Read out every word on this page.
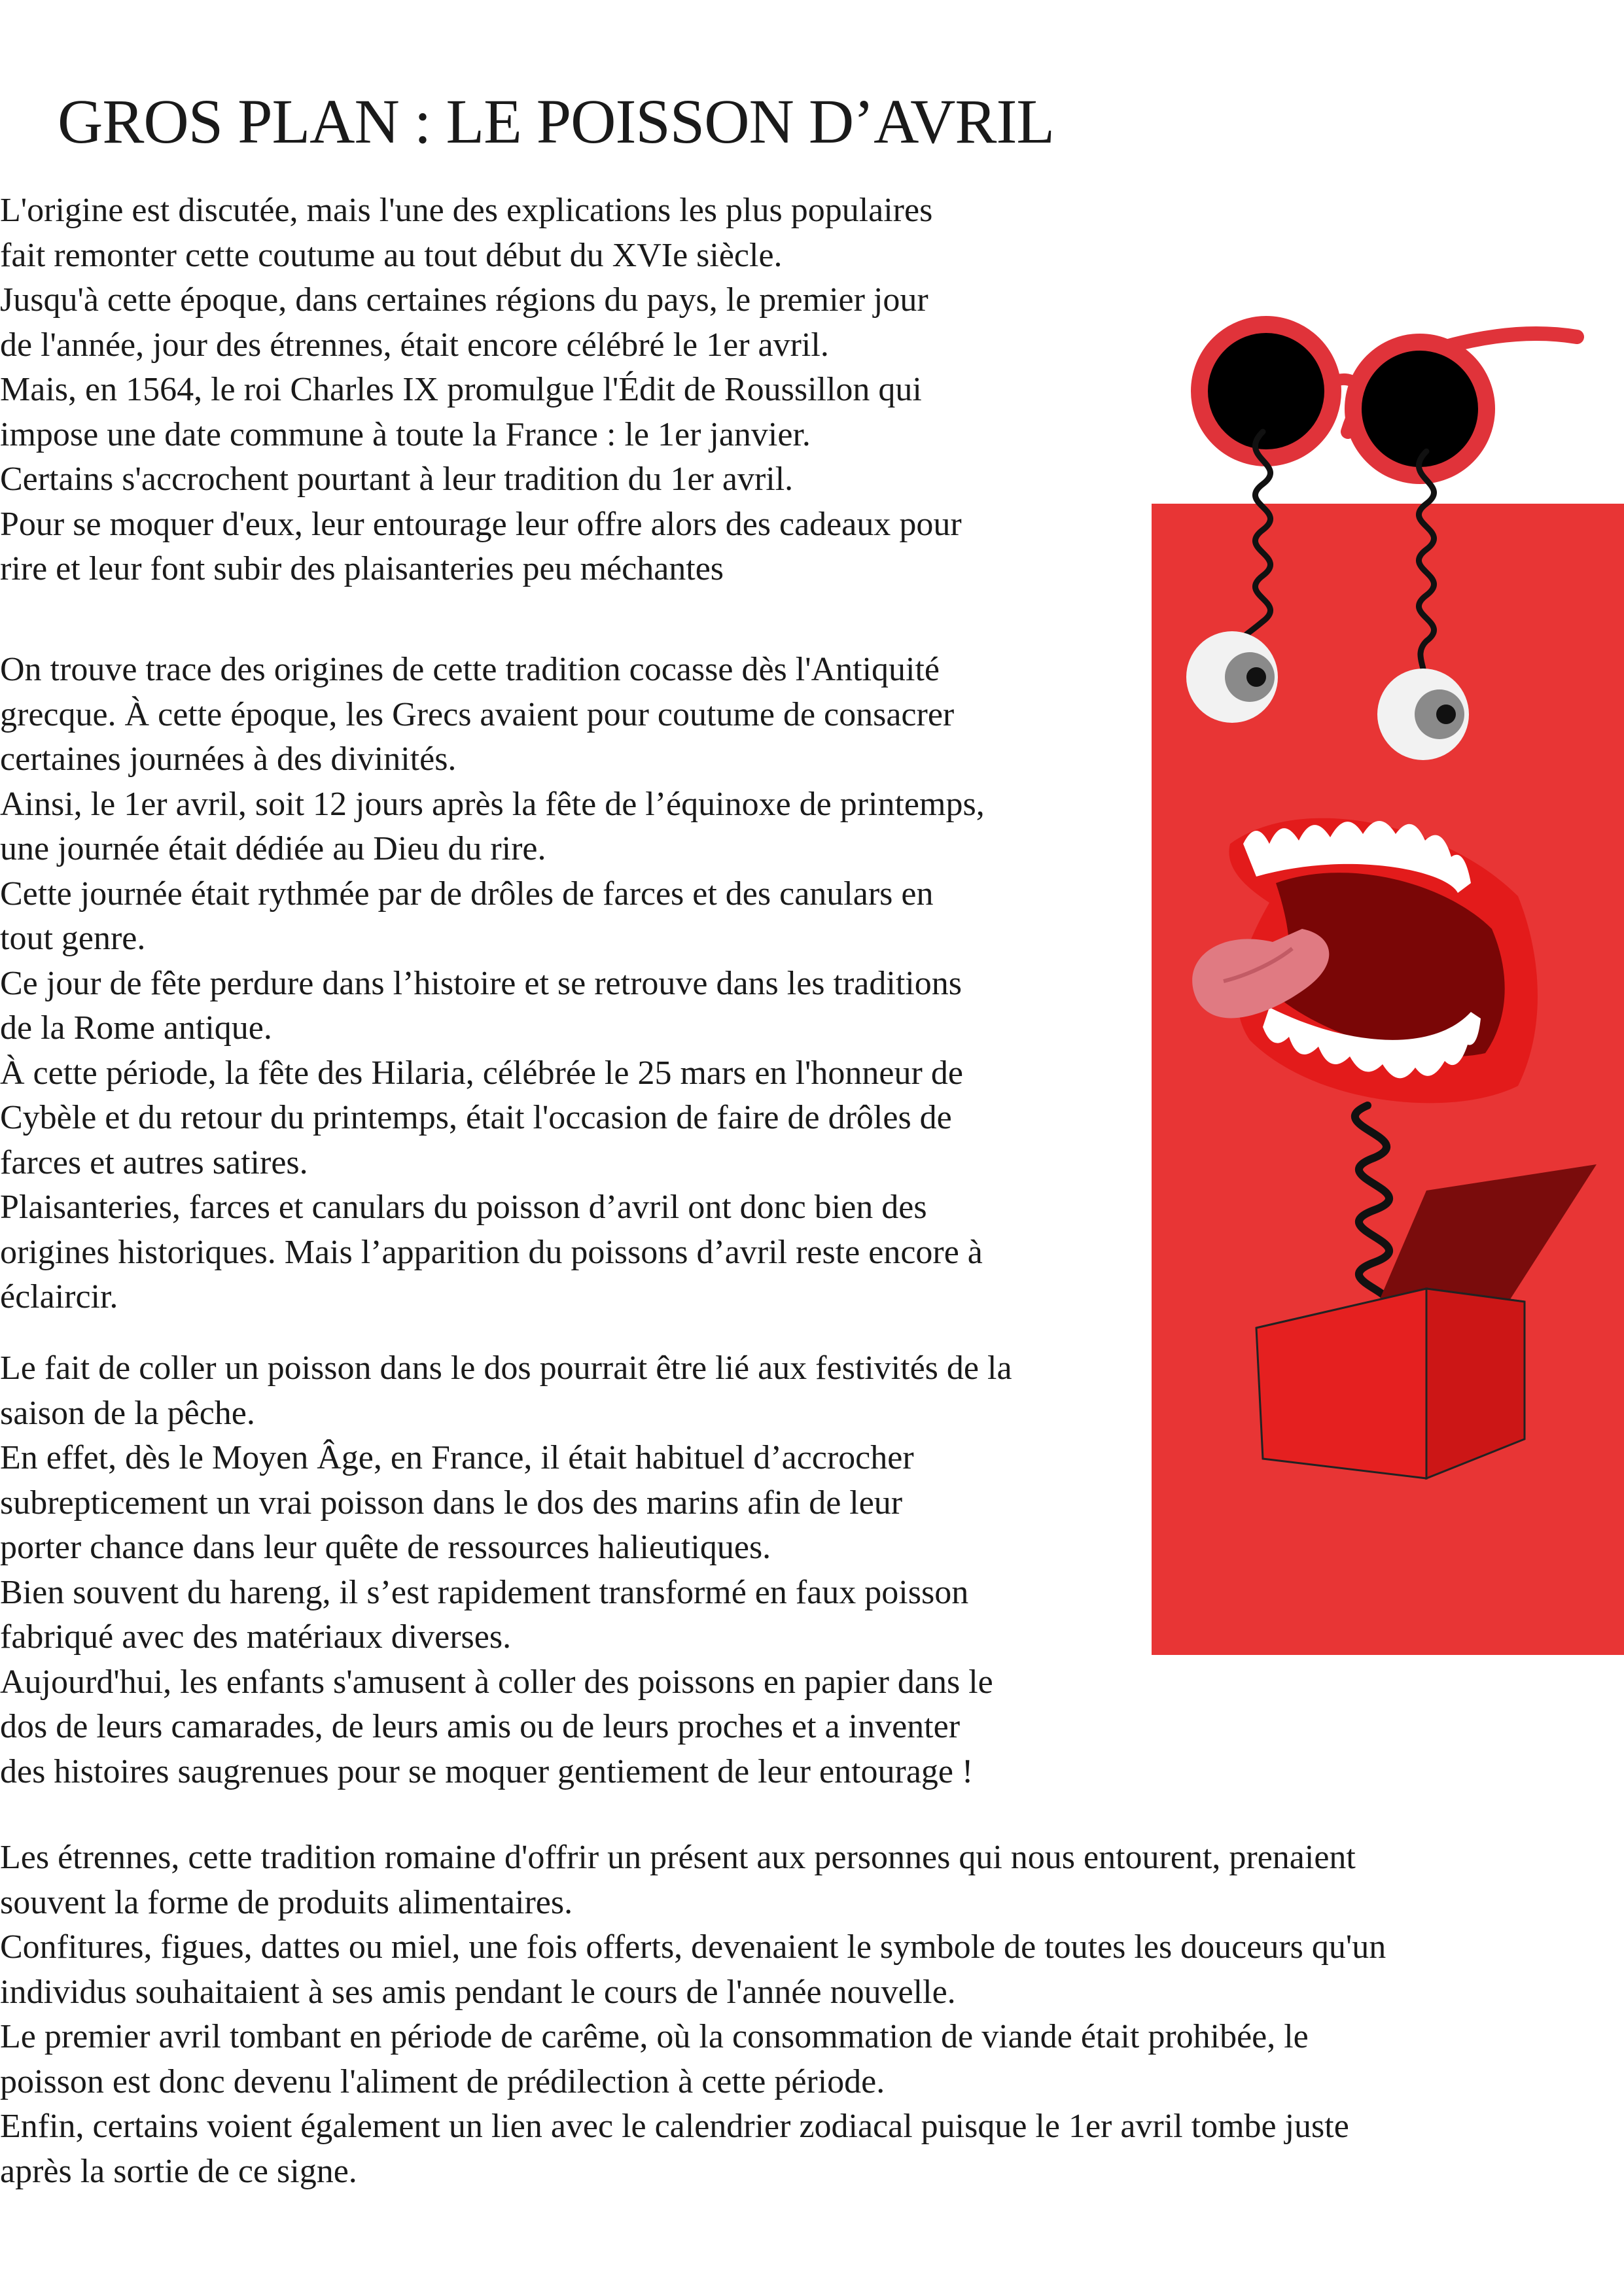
GROS PLAN : LE POISSON D’AVRIL
L'origine est discutée, mais l'une des explications les plus populaires
fait remonter cette coutume au tout début du XVIe siècle.
Jusqu'à cette époque, dans certaines régions du pays, le premier jour
de l'année, jour des étrennes, était encore célébré le 1er avril.
Mais, en 1564, le roi Charles IX promulgue l'Édit de Roussillon qui
impose une date commune à toute la France : le 1er janvier.
Certains s'accrochent pourtant à leur tradition du 1er avril.
Pour se moquer d'eux, leur entourage leur offre alors des cadeaux pour
rire et leur font subir des plaisanteries peu méchantes
On trouve trace des origines de cette tradition cocasse dès l'Antiquité
grecque. À cette époque, les Grecs avaient pour coutume de consacrer
certaines journées à des divinités.
Ainsi, le 1er avril, soit 12 jours après la fête de l’équinoxe de printemps,
une journée était dédiée au Dieu du rire.
Cette journée était rythmée par de drôles de farces et des canulars en
tout genre.
Ce jour de fête perdure dans l’histoire et se retrouve dans les traditions
de la Rome antique.
À cette période, la fête des Hilaria, célébrée le 25 mars en l'honneur de
Cybèle et du retour du printemps, était l'occasion de faire de drôles de
farces et autres satires.
Plaisanteries, farces et canulars du poisson d’avril ont donc bien des
origines historiques. Mais l’apparition du poissons d’avril reste encore à
éclaircir.
Le fait de coller un poisson dans le dos pourrait être lié aux festivités de la
saison de la pêche.
En effet, dès le Moyen Âge, en France, il était habituel d’accrocher
subrepticement un vrai poisson dans le dos des marins afin de leur
porter chance dans leur quête de ressources halieutiques.
Bien souvent du hareng, il s’est rapidement transformé en faux poisson
fabriqué avec des matériaux diverses.
Aujourd'hui, les enfants s'amusent à coller des poissons en papier dans le
dos de leurs camarades, de leurs amis ou de leurs proches et a inventer
des histoires saugrenues pour se moquer gentiement de leur entourage !
Les étrennes, cette tradition romaine d'offrir un présent aux personnes qui nous entourent, prenaient
souvent la forme de produits alimentaires.
Confitures, figues, dattes ou miel, une fois offerts, devenaient le symbole de toutes les douceurs qu'un
individus souhaitaient à ses amis pendant le cours de l'année nouvelle.
Le premier avril tombant en période de carême, où la consommation de viande était prohibée, le
poisson est donc devenu l'aliment de prédilection à cette période.
Enfin, certains voient également un lien avec le calendrier zodiacal puisque le 1er avril tombe juste
après la sortie de ce signe.
